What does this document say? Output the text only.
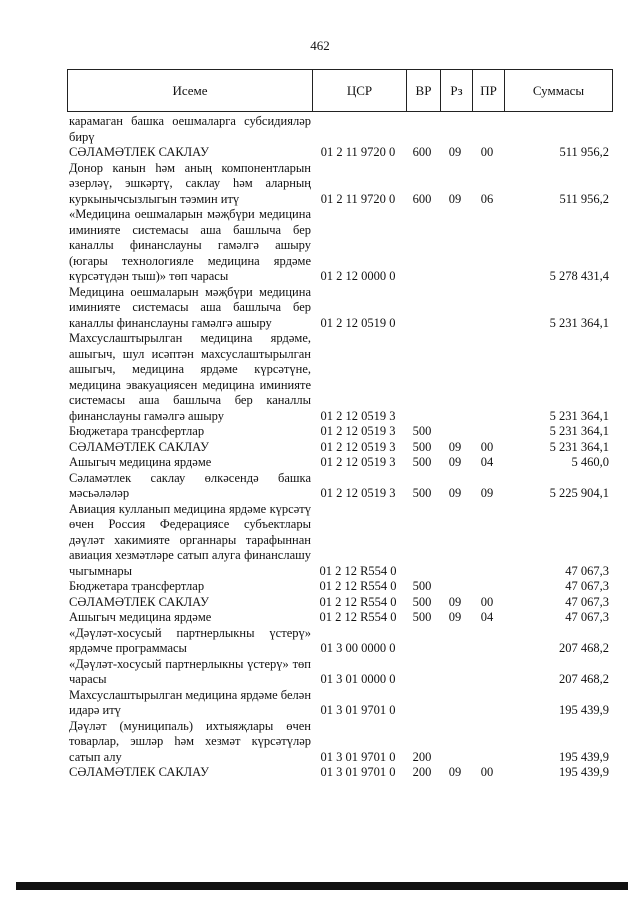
462
Исеме	ЦСР	ВР	Рз	ПР	Суммасы
карамаган башка оешмаларга субсидияләр бирү
СӘЛАМӘТЛЕК САКЛАУ	01 2 11 9720 0	600	09	00	511 956,2
Донор канын һәм аның компонентларын әзерләү, эшкәртү, саклау һәм аларның куркынычсызлыгын тәэмин итү	01 2 11 9720 0	600	09	06	511 956,2
«Медицина оешмаларын мәҗбүри медицина иминияте системасы аша башлыча бер каналлы финанслауны гамәлгә ашыру (югары технологияле медицина ярдәме күрсәтүдән тыш)» төп чарасы	01 2 12 0000 0	5 278 431,4
Медицина оешмаларын мәҗбүри медицина иминияте системасы аша башлыча бер каналлы финанслауны гамәлгә ашыру	01 2 12 0519 0	5 231 364,1
Махсуслаштырылган медицина ярдәме, ашыгыч, шул исәптән махсуслаштырылган ашыгыч, медицина ярдәме күрсәтүне, медицина эвакуациясен медицина иминияте системасы аша башлыча бер каналлы финанслауны гамәлгә ашыру	01 2 12 0519 3	5 231 364,1
Бюджетара трансфертлар	01 2 12 0519 3	500	5 231 364,1
СӘЛАМӘТЛЕК САКЛАУ	01 2 12 0519 3	500	09	00	5 231 364,1
Ашыгыч медицина ярдәме	01 2 12 0519 3	500	09	04	5 460,0
Сәламәтлек саклау өлкәсендә башка мәсьәләләр	01 2 12 0519 3	500	09	09	5 225 904,1
Авиация кулланып медицина ярдәме күрсәтү өчен Россия Федерациясе субъектлары дәүләт хакимияте органнары тарафыннан авиация хезмәтләре сатып алуга финанслашу чыгымнары	01 2 12 R554 0	47 067,3
Бюджетара трансфертлар	01 2 12 R554 0	500	47 067,3
СӘЛАМӘТЛЕК САКЛАУ	01 2 12 R554 0	500	09	00	47 067,3
Ашыгыч медицина ярдәме	01 2 12 R554 0	500	09	04	47 067,3
«Дәүләт-хосусый партнерлыкны үстерү» ярдәмче программасы	01 3 00 0000 0	207 468,2
«Дәүләт-хосусый партнерлыкны үстерү» төп чарасы	01 3 01 0000 0	207 468,2
Махсуслаштырылган медицина ярдәме белән идарә итү	01 3 01 9701 0	195 439,9
Дәүләт (муниципаль) ихтыяҗлары өчен товарлар, эшләр һәм хезмәт күрсәтүләр сатып алу	01 3 01 9701 0	200	195 439,9
СӘЛАМӘТЛЕК САКЛАУ	01 3 01 9701 0	200	09	00	195 439,9
